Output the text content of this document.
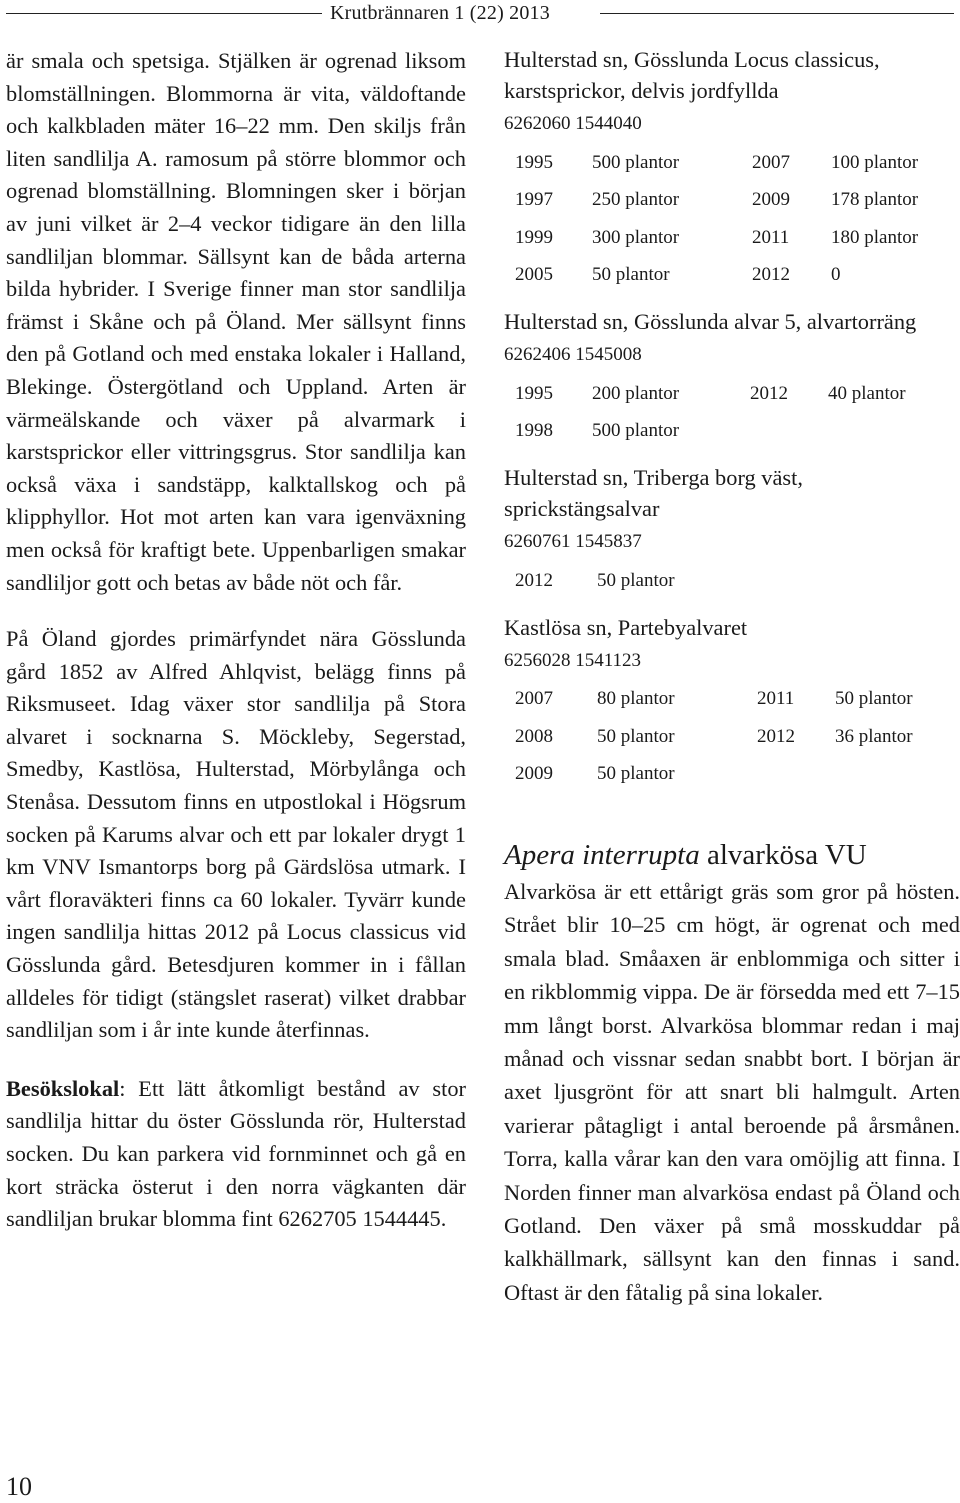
Krutbrännaren 1 (22) 2013

är smala och spetsiga. Stjälken är ogrenad liksom blomställningen. Blommorna är vita, väldoftande och kalkbladen mäter 16–22 mm. Den skiljs från liten sandlilja A. ramosum på större blommor och ogrenad blomställning. Blomningen sker i början av juni vilket är 2–4 veckor tidigare än den lilla sandliljan blommar. Sällsynt kan de båda arterna bilda hybrider. I Sverige finner man stor sandlilja främst i Skåne och på Öland. Mer sällsynt finns den på Gotland och med enstaka lokaler i Halland, Blekinge. Östergötland och Uppland. Arten är värmeälskande och växer på alvarmark i karstsprickor eller vittringsgrus. Stor sandlilja kan också växa i sandstäpp, kalktallskog och på klipphyllor. Hot mot arten kan vara igenväxning men också för kraftigt bete. Uppenbarligen smakar sandliljor gott och betas av både nöt och får.

På Öland gjordes primärfyndet nära Gösslunda gård 1852 av Alfred Ahlqvist, belägg finns på Riksmuseet. Idag växer stor sandlilja på Stora alvaret i socknarna S. Möckleby, Segerstad, Smedby, Kastlösa, Hulterstad, Mörbylånga och Stenåsa. Dessutom finns en utpostlokal i Högsrum socken på Karums alvar och ett par lokaler drygt 1 km VNV Ismantorps borg på Gärdslösa utmark. I vårt floraväkteri finns ca 60 lokaler. Tyvärr kunde ingen sandlilja hittas 2012 på Locus classicus vid Gösslunda gård. Betesdjuren kommer in i fållan alldeles för tidigt (stängslet raserat) vilket drabbar sandliljan som i år inte kunde återfinnas.

Besökslokal: Ett lätt åtkomligt bestånd av stor sandlilja hittar du öster Gösslunda rör, Hulterstad socken. Du kan parkera vid fornminnet och gå en kort sträcka österut i den norra vägkanten där sandliljan brukar blomma fint 6262705 1544445.

Hulterstad sn, Gösslunda Locus classicus, karstsprickor, delvis jordfyllda
6262060 1544040
1995	500 plantor	2007	100 plantor
1997	250 plantor	2009	178 plantor
1999	300 plantor	2011	180 plantor
2005	50 plantor	2012	0
Hulterstad sn, Gösslunda alvar 5, alvartorräng
6262406 1545008
1995	200 plantor	2012	40 plantor
1998	500 plantor		
Hulterstad sn, Triberga borg väst, sprickstängsalvar
6260761 1545837
2012	50 plantor
Kastlösa sn, Partebyalvaret
6256028 1541123
2007	80 plantor	2011	50 plantor
2008	50 plantor	2012	36 plantor
2009	50 plantor		
Apera interrupta alvarkösa VU

Alvarkösa är ett ettårigt gräs som gror på hösten. Strået blir 10–25 cm högt, är ogrenat och med smala blad. Småaxen är enblommiga och sitter i en rikblommig vippa. De är försedda med ett 7–15 mm långt borst. Alvarkösa blommar redan i maj månad och vissnar sedan snabbt bort. I början är axet ljusgrönt för att snart bli halmgult. Arten varierar påtagligt i antal beroende på årsmånen. Torra, kalla vårar kan den vara omöjlig att finna. I Norden finner man alvarkösa endast på Öland och Gotland. Den växer på små mosskuddar på kalkhällmark, sällsynt kan den finnas i sand. Oftast är den fåtalig på sina lokaler.

10
